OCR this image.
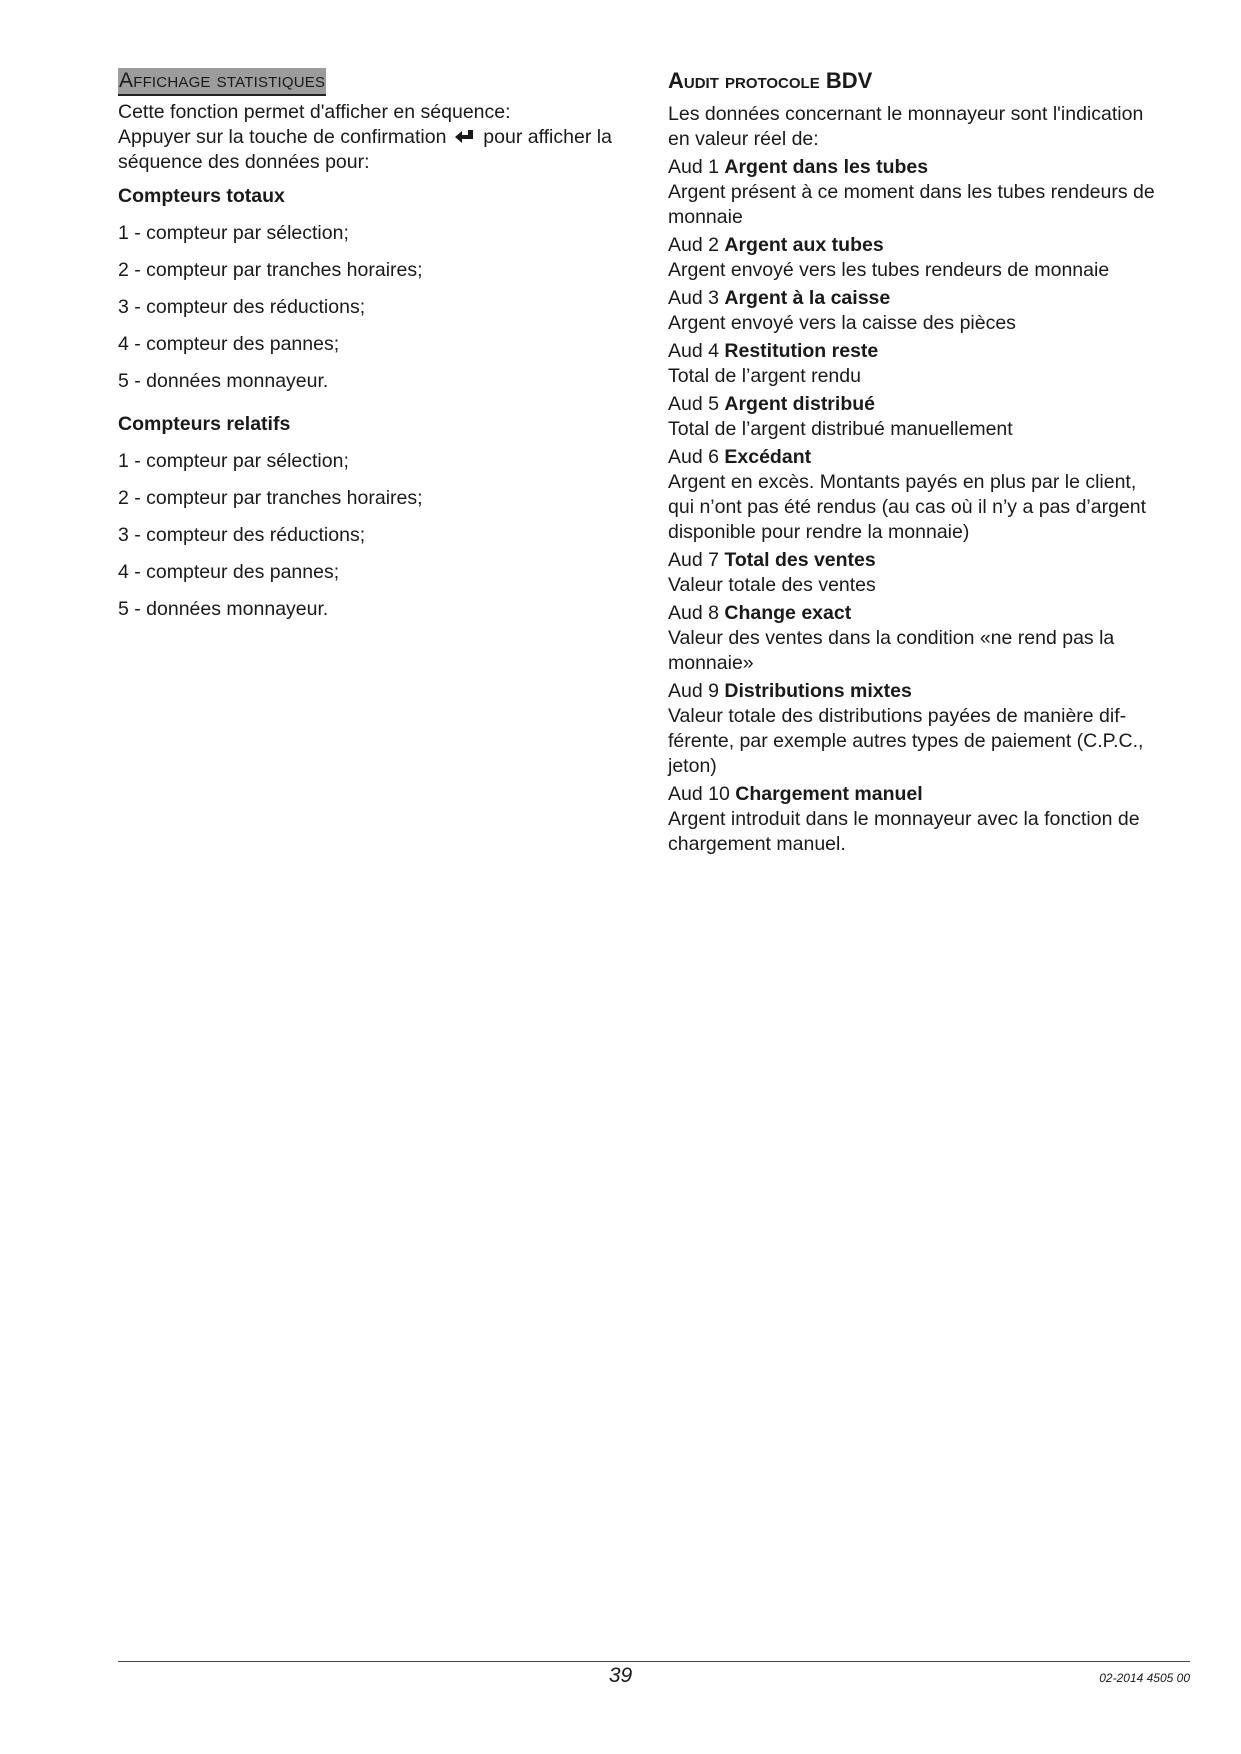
Affichage statistiques

Cette fonction permet d'afficher en séquence:

Appuyer sur la touche de confirmation pour afficher la

séquence des données pour:

Compteurs totaux
1 - compteur par sélection;
2 - compteur par tranches horaires;
3 - compteur des réductions;
4 - compteur des pannes;
5 - données monnayeur.
Compteurs relatifs
1 - compteur par sélection;
2 - compteur par tranches horaires;
3 - compteur des réductions;
4 - compteur des pannes;
5 - données monnayeur.
Audit protocole BDV

Les données concernant le monnayeur sont l'indication

en valeur réel de:

Aud 1 Argent dans les tubes
Argent présent à ce moment dans les tubes rendeurs de
monnaie
Aud 2 Argent aux tubes
Argent envoyé vers les tubes rendeurs de monnaie
Aud 3 Argent à la caisse
Argent envoyé vers la caisse des pièces
Aud 4 Restitution reste
Total de l’argent rendu
Aud 5 Argent distribué
Total de l’argent distribué manuellement
Aud 6 Excédant
Argent en excès. Montants payés en plus par le client,
qui n’ont pas été rendus (au cas où il n’y a pas d’argent
disponible pour rendre la monnaie)
Aud 7 Total des ventes
Valeur totale des ventes
Aud 8 Change exact
Valeur des ventes dans la condition «ne rend pas la
monnaie»
Aud 9 Distributions mixtes
Valeur totale des distributions payées de manière dif-
férente, par exemple autres types de paiement (C.P.C.,
jeton)
Aud 10 Chargement manuel
Argent introduit dans le monnayeur avec la fonction de
chargement manuel.
39	02-2014 4505 00
